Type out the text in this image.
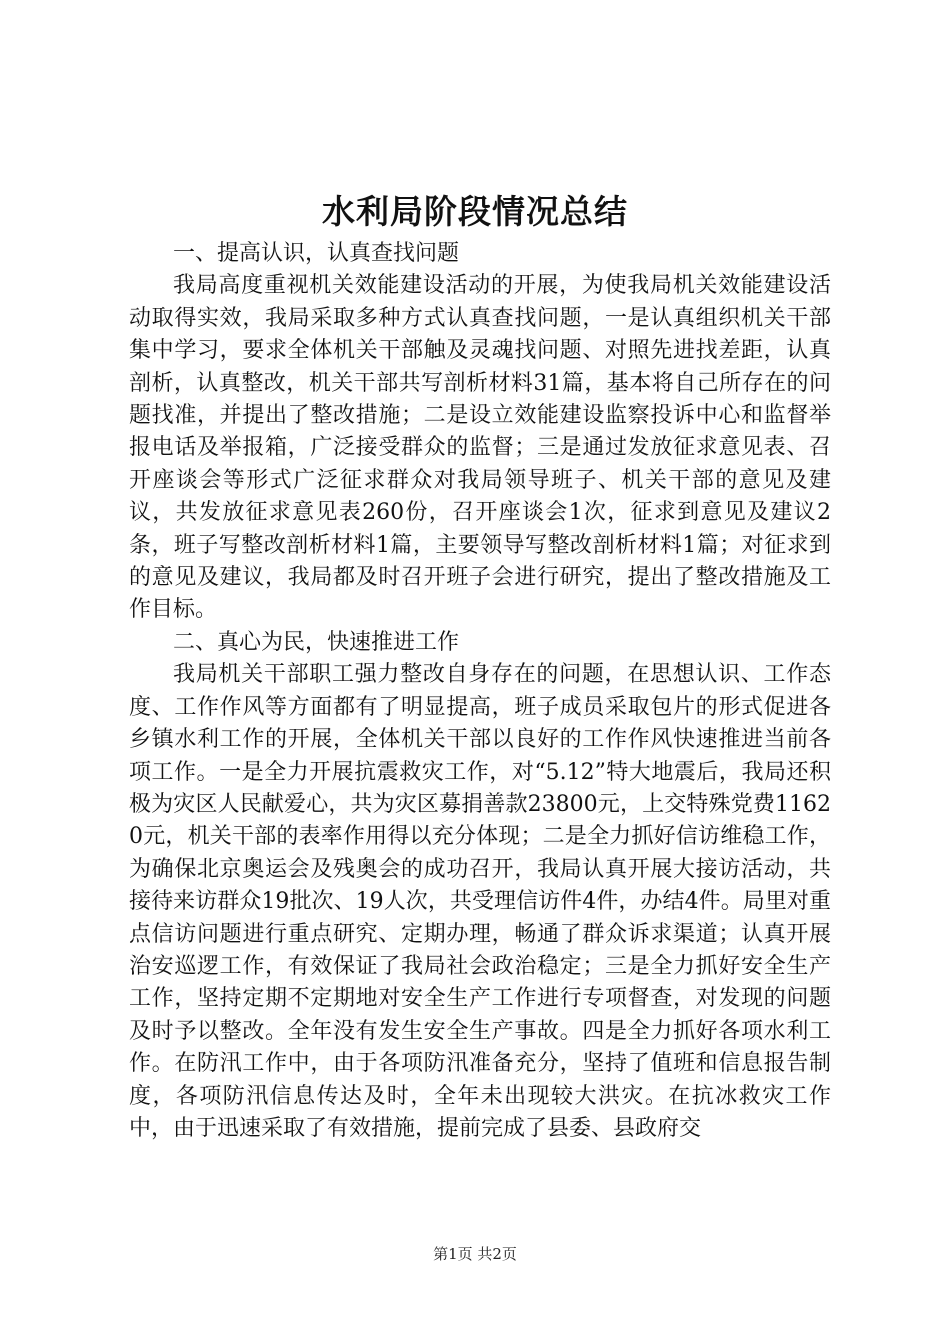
水利局阶段情况总结

一、提高认识，认真查找问题

我局高度重视机关效能建设活动的开展，为使我局机关效能建设活动取得实效，我局采取多种方式认真查找问题，一是认真组织机关干部集中学习，要求全体机关干部触及灵魂找问题、对照先进找差距，认真剖析，认真整改，机关干部共写剖析材料31篇，基本将自己所存在的问题找准，并提出了整改措施；二是设立效能建设监察投诉中心和监督举报电话及举报箱，广泛接受群众的监督；三是通过发放征求意见表、召开座谈会等形式广泛征求群众对我局领导班子、机关干部的意见及建议，共发放征求意见表260份，召开座谈会1次，征求到意见及建议2条，班子写整改剖析材料1篇，主要领导写整改剖析材料1篇；对征求到的意见及建议，我局都及时召开班子会进行研究，提出了整改措施及工作目标。

二、真心为民，快速推进工作

我局机关干部职工强力整改自身存在的问题，在思想认识、工作态度、工作作风等方面都有了明显提高，班子成员采取包片的形式促进各乡镇水利工作的开展，全体机关干部以良好的工作作风快速推进当前各项工作。一是全力开展抗震救灾工作，对“5.12”特大地震后，我局还积极为灾区人民献爱心，共为灾区募捐善款23800元，上交特殊党费11620元，机关干部的表率作用得以充分体现；二是全力抓好信访维稳工作，为确保北京奥运会及残奥会的成功召开，我局认真开展大接访活动，共接待来访群众19批次、19人次，共受理信访件4件，办结4件。局里对重点信访问题进行重点研究、定期办理，畅通了群众诉求渠道；认真开展治安巡逻工作，有效保证了我局社会政治稳定；三是全力抓好安全生产工作，坚持定期不定期地对安全生产工作进行专项督查，对发现的问题及时予以整改。全年没有发生安全生产事故。四是全力抓好各项水利工作。在防汛工作中，由于各项防汛准备充分，坚持了值班和信息报告制度，各项防汛信息传达及时，全年未出现较大洪灾。在抗冰救灾工作中，由于迅速采取了有效措施，提前完成了县委、县政府交

第1页 共2页
